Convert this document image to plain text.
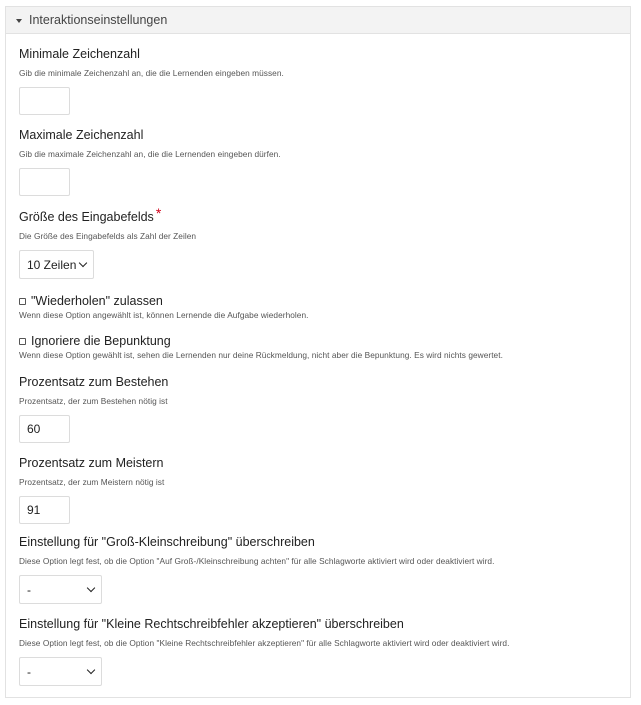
Interaktionseinstellungen
Minimale Zeichenzahl
Gib die minimale Zeichenzahl an, die die Lernenden eingeben müssen.
Maximale Zeichenzahl
Gib die maximale Zeichenzahl an, die die Lernenden eingeben dürfen.
Größe des Eingabefelds *
Die Größe des Eingabefelds als Zahl der Zeilen
10 Zeilen
"Wiederholen" zulassen
Wenn diese Option angewählt ist, können Lernende die Aufgabe wiederholen.
Ignoriere die Bepunktung
Wenn diese Option gewählt ist, sehen die Lernenden nur deine Rückmeldung, nicht aber die Bepunktung. Es wird nichts gewertet.
Prozentsatz zum Bestehen
Prozentsatz, der zum Bestehen nötig ist
60
Prozentsatz zum Meistern
Prozentsatz, der zum Meistern nötig ist
91
Einstellung für "Groß-Kleinschreibung" überschreiben
Diese Option legt fest, ob die Option "Auf Groß-/Kleinschreibung achten" für alle Schlagworte aktiviert wird oder deaktiviert wird.
-
Einstellung für "Kleine Rechtschreibfehler akzeptieren" überschreiben
Diese Option legt fest, ob die Option "Kleine Rechtschreibfehler akzeptieren" für alle Schlagworte aktiviert wird oder deaktiviert wird.
-
